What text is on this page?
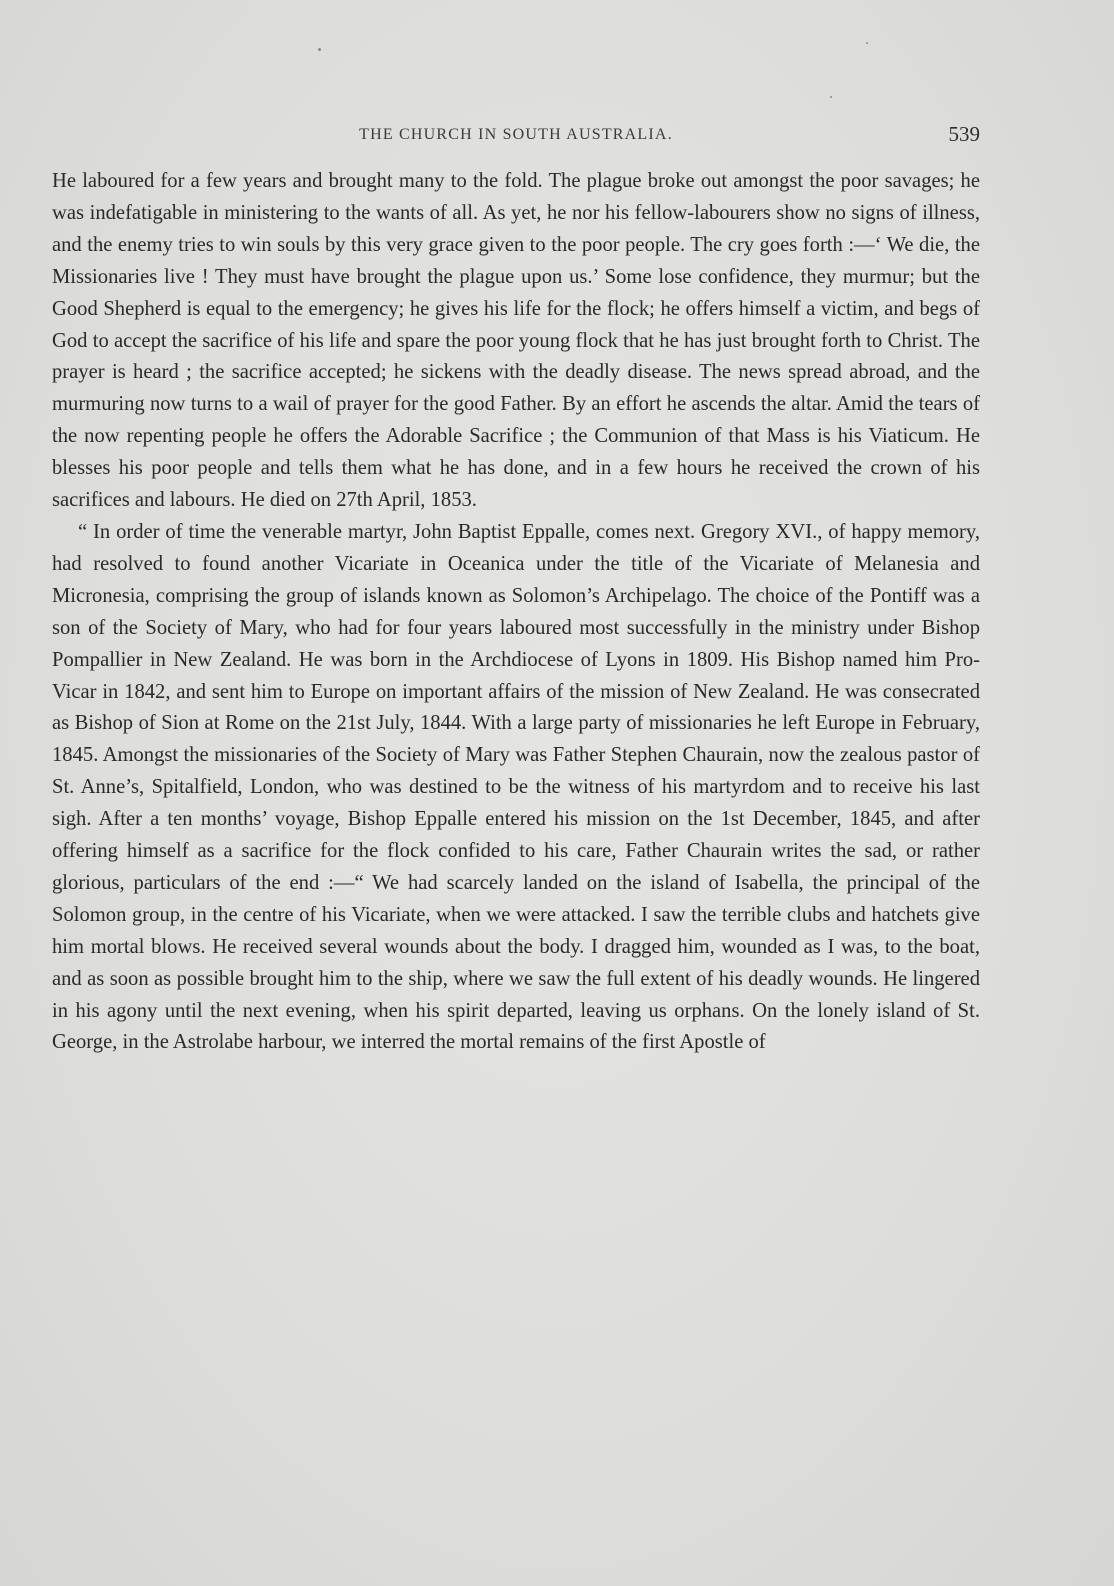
THE CHURCH IN SOUTH AUSTRALIA.	539

He laboured for a few years and brought many to the fold. The plague broke out amongst the poor savages; he was indefatigable in ministering to the wants of all. As yet, he nor his fellow-labourers show no signs of illness, and the enemy tries to win souls by this very grace given to the poor people. The cry goes forth :—‘ We die, the Missionaries live ! They must have brought the plague upon us.’ Some lose confidence, they murmur; but the Good Shepherd is equal to the emergency; he gives his life for the flock; he offers himself a victim, and begs of God to accept the sacrifice of his life and spare the poor young flock that he has just brought forth to Christ. The prayer is heard ; the sacrifice accepted; he sickens with the deadly disease. The news spread abroad, and the murmuring now turns to a wail of prayer for the good Father. By an effort he ascends the altar. Amid the tears of the now repenting people he offers the Adorable Sacrifice ; the Communion of that Mass is his Viaticum. He blesses his poor people and tells them what he has done, and in a few hours he received the crown of his sacrifices and labours. He died on 27th April, 1853.

“ In order of time the venerable martyr, John Baptist Eppalle, comes next. Gregory XVI., of happy memory, had resolved to found another Vicariate in Oceanica under the title of the Vicariate of Melanesia and Micronesia, comprising the group of islands known as Solomon’s Archipelago. The choice of the Pontiff was a son of the Society of Mary, who had for four years laboured most successfully in the ministry under Bishop Pompallier in New Zealand. He was born in the Archdiocese of Lyons in 1809. His Bishop named him Pro-Vicar in 1842, and sent him to Europe on important affairs of the mission of New Zealand. He was consecrated as Bishop of Sion at Rome on the 21st July, 1844. With a large party of missionaries he left Europe in February, 1845. Amongst the missionaries of the Society of Mary was Father Stephen Chaurain, now the zealous pastor of St. Anne’s, Spitalfield, London, who was destined to be the witness of his martyrdom and to receive his last sigh. After a ten months’ voyage, Bishop Eppalle entered his mission on the 1st December, 1845, and after offering himself as a sacrifice for the flock confided to his care, Father Chaurain writes the sad, or rather glorious, particulars of the end :—“ We had scarcely landed on the island of Isabella, the principal of the Solomon group, in the centre of his Vicariate, when we were attacked. I saw the terrible clubs and hatchets give him mortal blows. He received several wounds about the body. I dragged him, wounded as I was, to the boat, and as soon as possible brought him to the ship, where we saw the full extent of his deadly wounds. He lingered in his agony until the next evening, when his spirit departed, leaving us orphans. On the lonely island of St. George, in the Astrolabe harbour, we interred the mortal remains of the first Apostle of
